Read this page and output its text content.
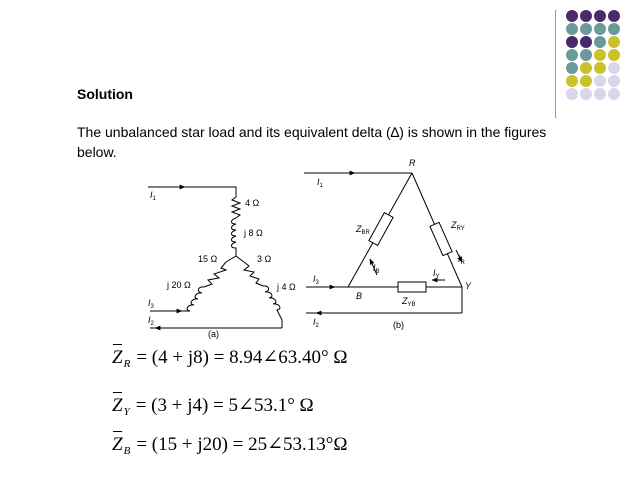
Solution
The unbalanced star load and its equivalent delta (∆) is shown in the figures below.
$I_1$	4 Ω
j 8 Ω
15 Ω	3 Ω
j 20 Ω	j 4 Ω
$I_3$
$I_2$
(a)
R
$I_1$
$Z_{BR}$
$Z_{RY}$
$I_B$	$I_Y$
$I_R$
$I_3$
B
Y
$Z_{YB}$
$I_2$	(b)
$Z_R = (4 + j8)$ = 8.94∠63.40° Ω
$Z_Y = (3 + j4)$ = 5∠53.1° Ω
$Z_B = (15 + j20)$ = 25∠53.13°Ω
